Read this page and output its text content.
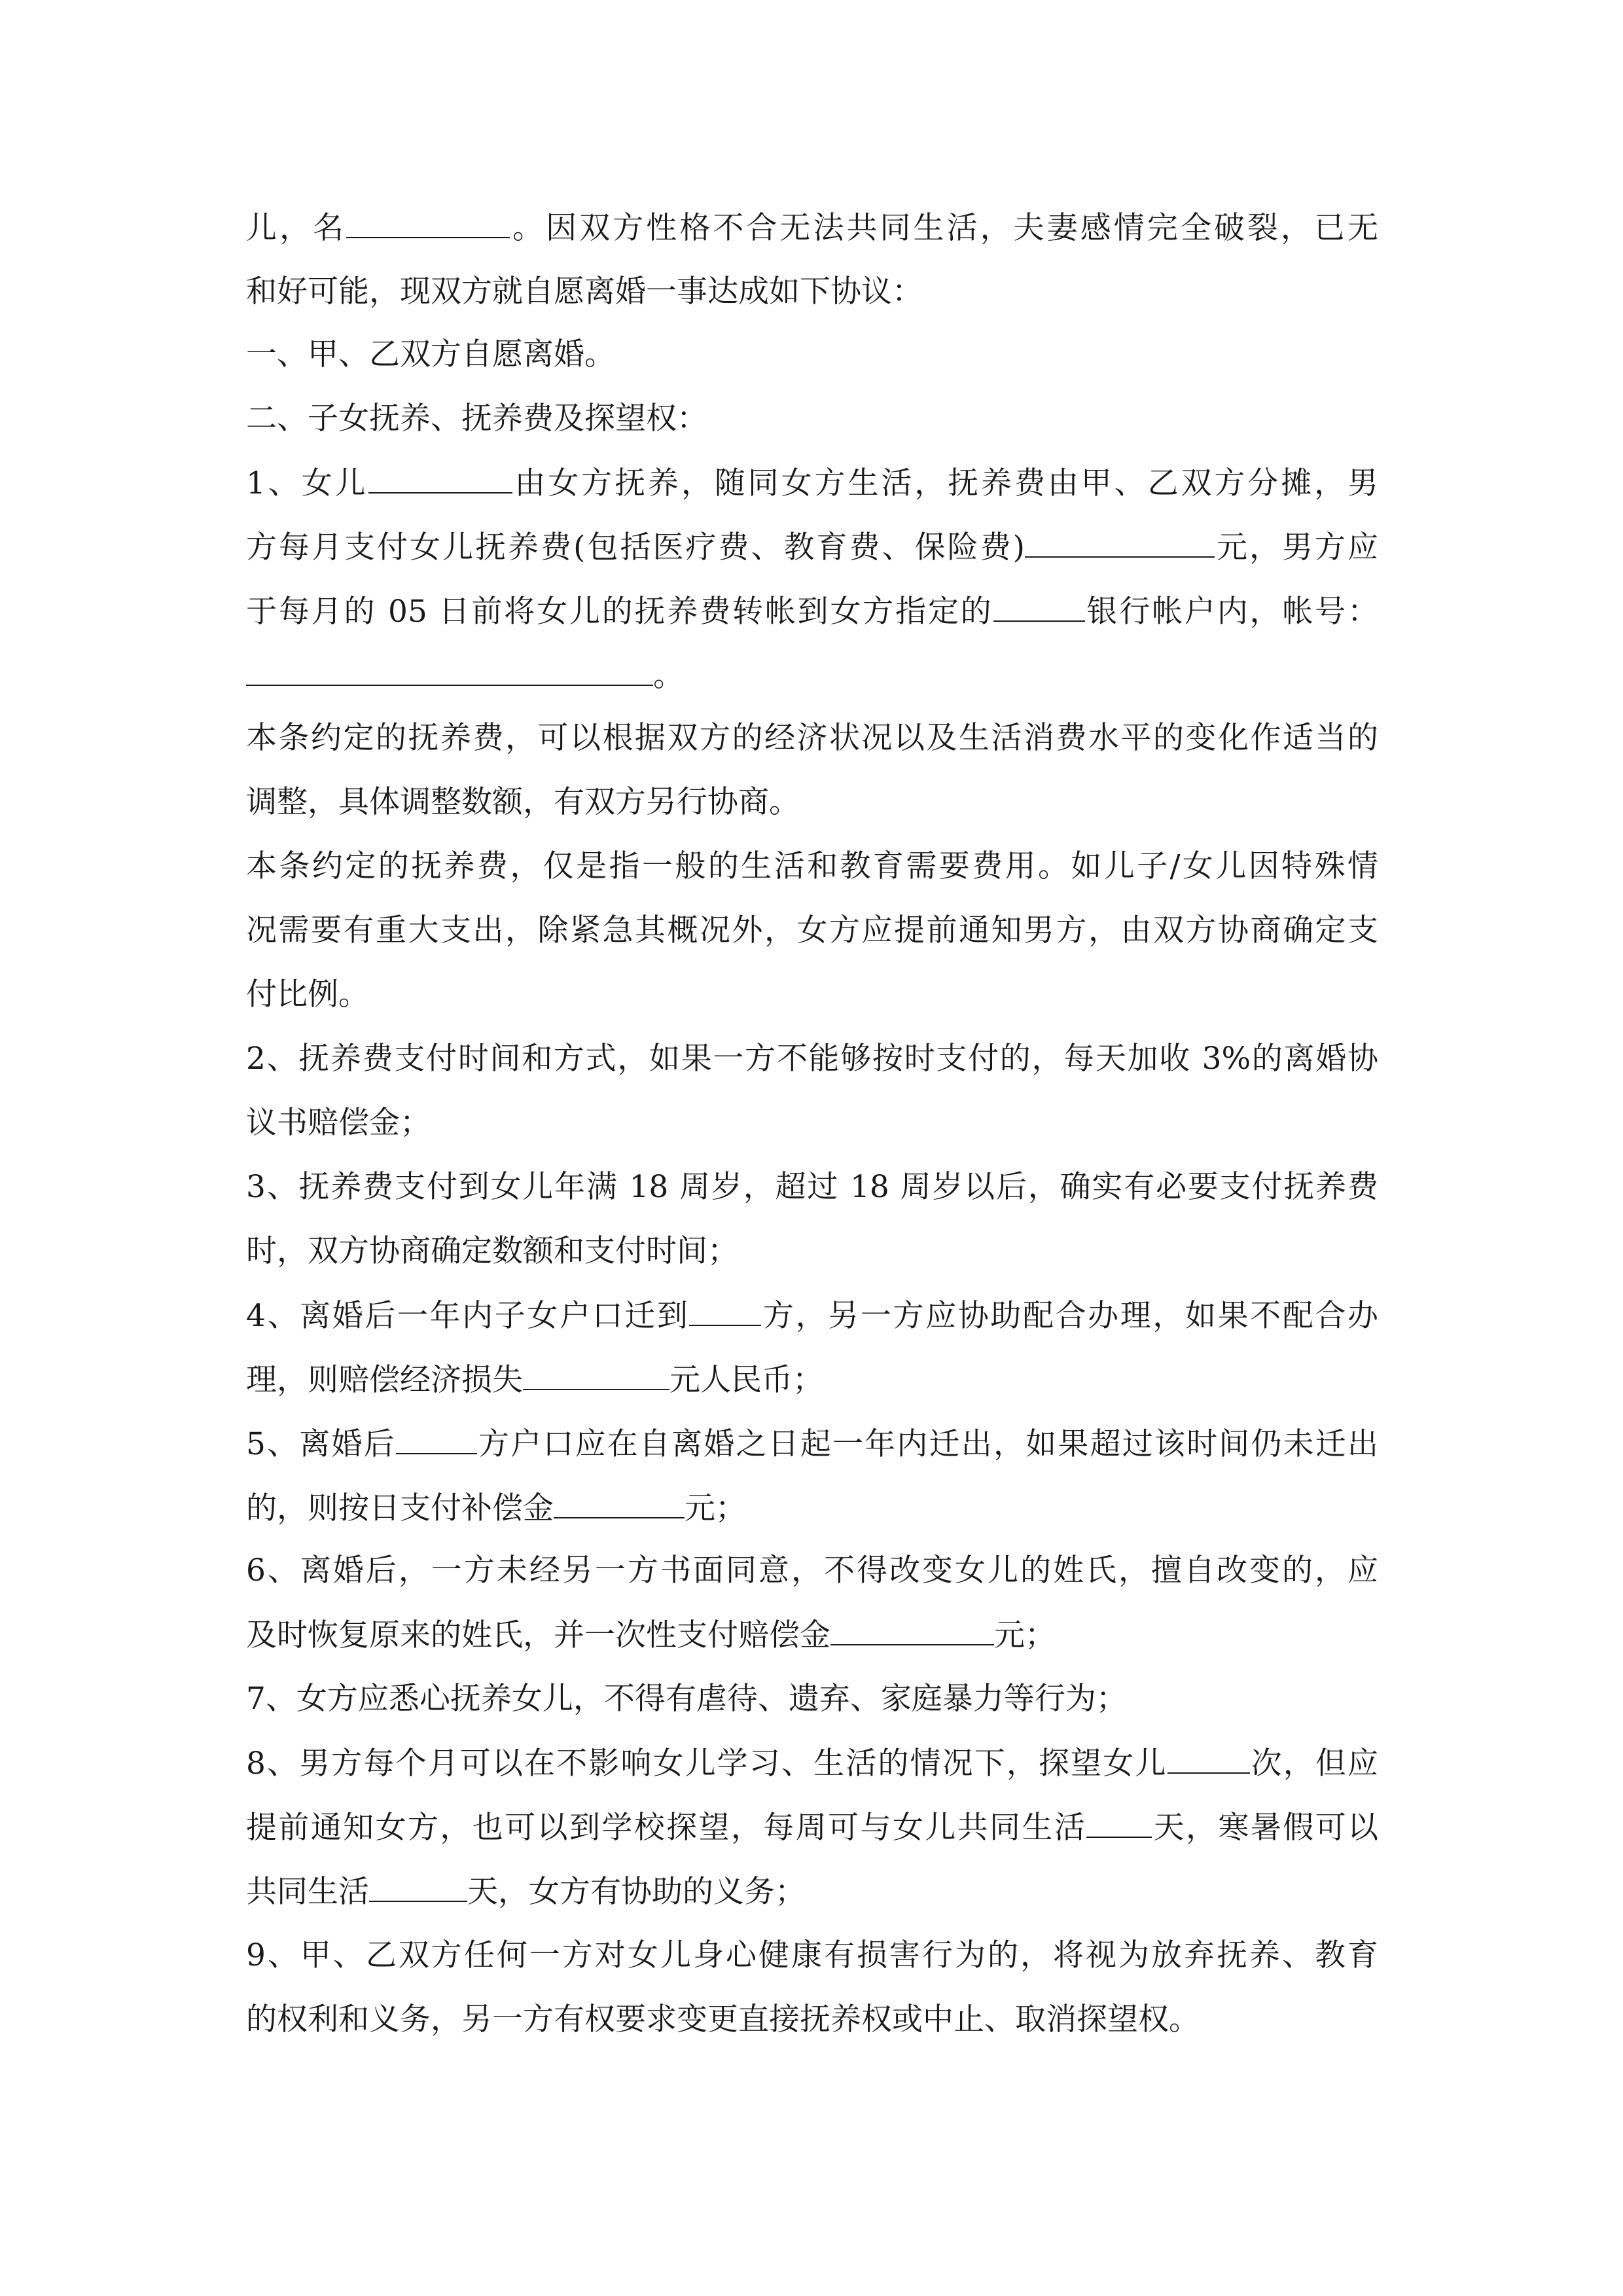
儿，名	。因双方性格不合无法共同生活，夫妻感情完全破裂，已无
和好可能，现双方就自愿离婚一事达成如下协议：
一、甲、乙双方自愿离婚。
二、子女抚养、抚养费及探望权：
1、女儿	由女方抚养，随同女方生活，抚养费由甲、乙双方分摊，男
方每月支付女儿抚养费(包括医疗费、教育费、保险费)	元，男方应
于每月的 05 日前将女儿的抚养费转帐到女方指定的	银行帐户内，帐号：
。
本条约定的抚养费，可以根据双方的经济状况以及生活消费水平的变化作适当的
调整，具体调整数额，有双方另行协商。
本条约定的抚养费，仅是指一般的生活和教育需要费用。如儿子/女儿因特殊情
况需要有重大支出，除紧急其概况外，女方应提前通知男方，由双方协商确定支
付比例。
2、抚养费支付时间和方式，如果一方不能够按时支付的，每天加收 3%的离婚协
议书赔偿金；
3、抚养费支付到女儿年满 18 周岁，超过 18 周岁以后，确实有必要支付抚养费
时，双方协商确定数额和支付时间；
4、离婚后一年内子女户口迁到 方，另一方应协助配合办理，如果不配合办
理，则赔偿经济损失	元人民币；
5、离婚后	方户口应在自离婚之日起一年内迁出，如果超过该时间仍未迁出
的，则按日支付补偿金	元；
6、离婚后，一方未经另一方书面同意，不得改变女儿的姓氏，擅自改变的，应
及时恢复原来的姓氏，并一次性支付赔偿金	元；
7、女方应悉心抚养女儿，不得有虐待、遗弃、家庭暴力等行为；
8、男方每个月可以在不影响女儿学习、生活的情况下，探望女儿	次，但应
提前通知女方，也可以到学校探望，每周可与女儿共同生活 天，寒暑假可以
共同生活	天，女方有协助的义务；
9、甲、乙双方任何一方对女儿身心健康有损害行为的，将视为放弃抚养、教育
的权利和义务，另一方有权要求变更直接抚养权或中止、取消探望权。
